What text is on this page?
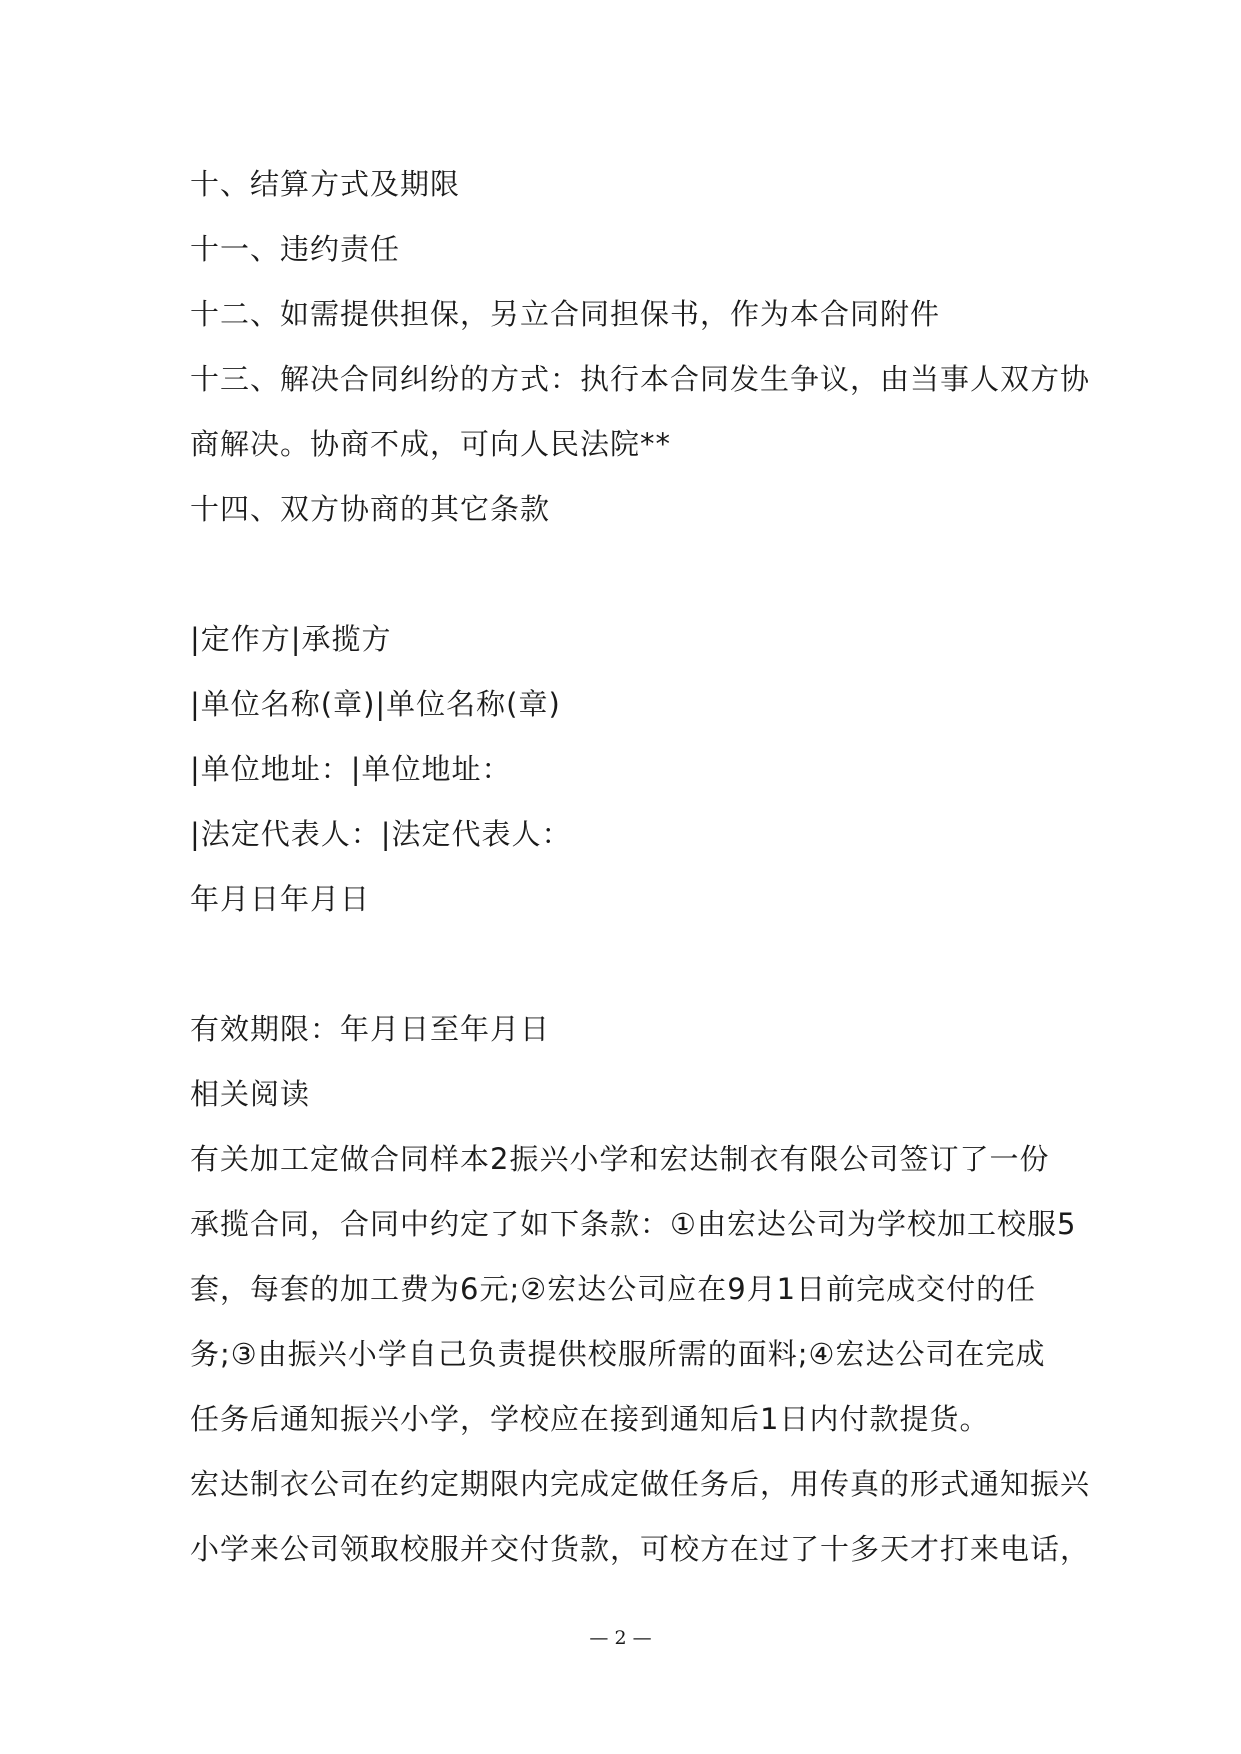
十、结算方式及期限
十一、违约责任
十二、如需提供担保，另立合同担保书，作为本合同附件
十三、解决合同纠纷的方式：执行本合同发生争议，由当事人双方协
商解决。协商不成，可向人民法院**
十四、双方协商的其它条款
|定作方|承揽方
|单位名称(章)|单位名称(章)
|单位地址：|单位地址：
|法定代表人：|法定代表人：
年月日年月日
有效期限：年月日至年月日
相关阅读
有关加工定做合同样本2振兴小学和宏达制衣有限公司签订了一份
承揽合同，合同中约定了如下条款：①由宏达公司为学校加工校服5
套，每套的加工费为6元;②宏达公司应在9月1日前完成交付的任
务;③由振兴小学自己负责提供校服所需的面料;④宏达公司在完成
任务后通知振兴小学，学校应在接到通知后1日内付款提货。
宏达制衣公司在约定期限内完成定做任务后，用传真的形式通知振兴
小学来公司领取校服并交付货款，可校方在过了十多天才打来电话，
— 2 —
